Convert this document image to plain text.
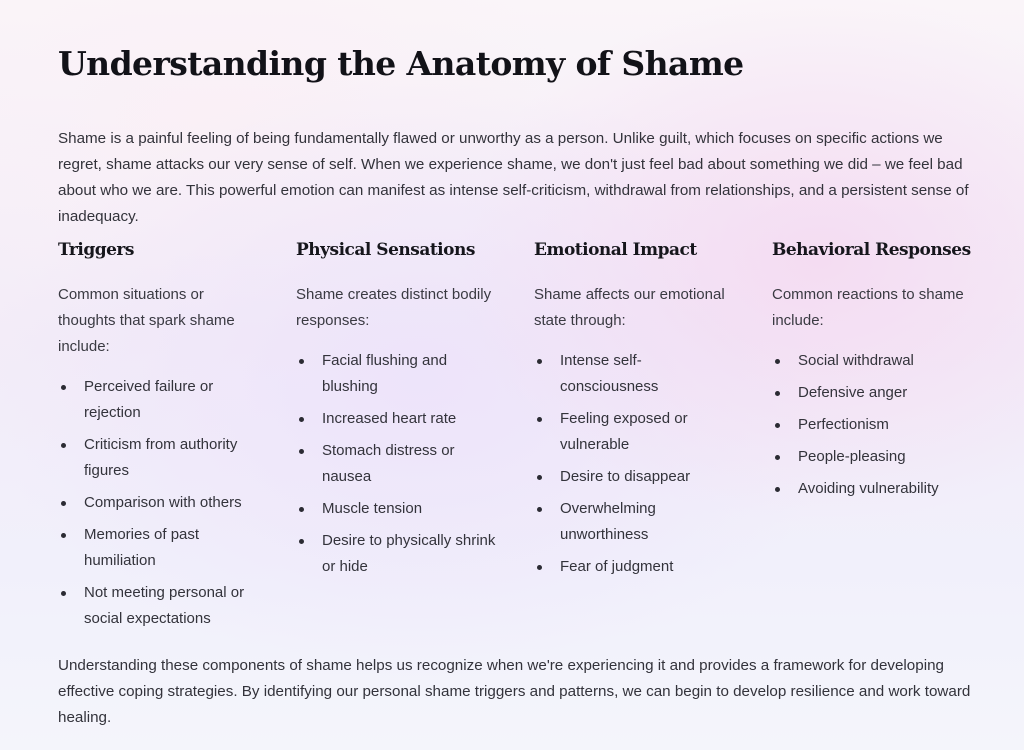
Understanding the Anatomy of Shame

Shame is a painful feeling of being fundamentally flawed or unworthy as a person. Unlike guilt, which focuses on specific actions we regret, shame attacks our very sense of self. When we experience shame, we don't just feel bad about something we did – we feel bad about who we are. This powerful emotion can manifest as intense self-criticism, withdrawal from relationships, and a persistent sense of inadequacy.

Triggers

Common situations or thoughts that spark shame include:

Perceived failure or rejection
Criticism from authority figures
Comparison with others
Memories of past humiliation
Not meeting personal or social expectations
Physical Sensations

Shame creates distinct bodily responses:

Facial flushing and blushing
Increased heart rate
Stomach distress or nausea
Muscle tension
Desire to physically shrink or hide
Emotional Impact

Shame affects our emotional state through:

Intense self-consciousness
Feeling exposed or vulnerable
Desire to disappear
Overwhelming unworthiness
Fear of judgment
Behavioral Responses

Common reactions to shame include:

Social withdrawal
Defensive anger
Perfectionism
People-pleasing
Avoiding vulnerability

Understanding these components of shame helps us recognize when we're experiencing it and provides a framework for developing effective coping strategies. By identifying our personal shame triggers and patterns, we can begin to develop resilience and work toward healing.
